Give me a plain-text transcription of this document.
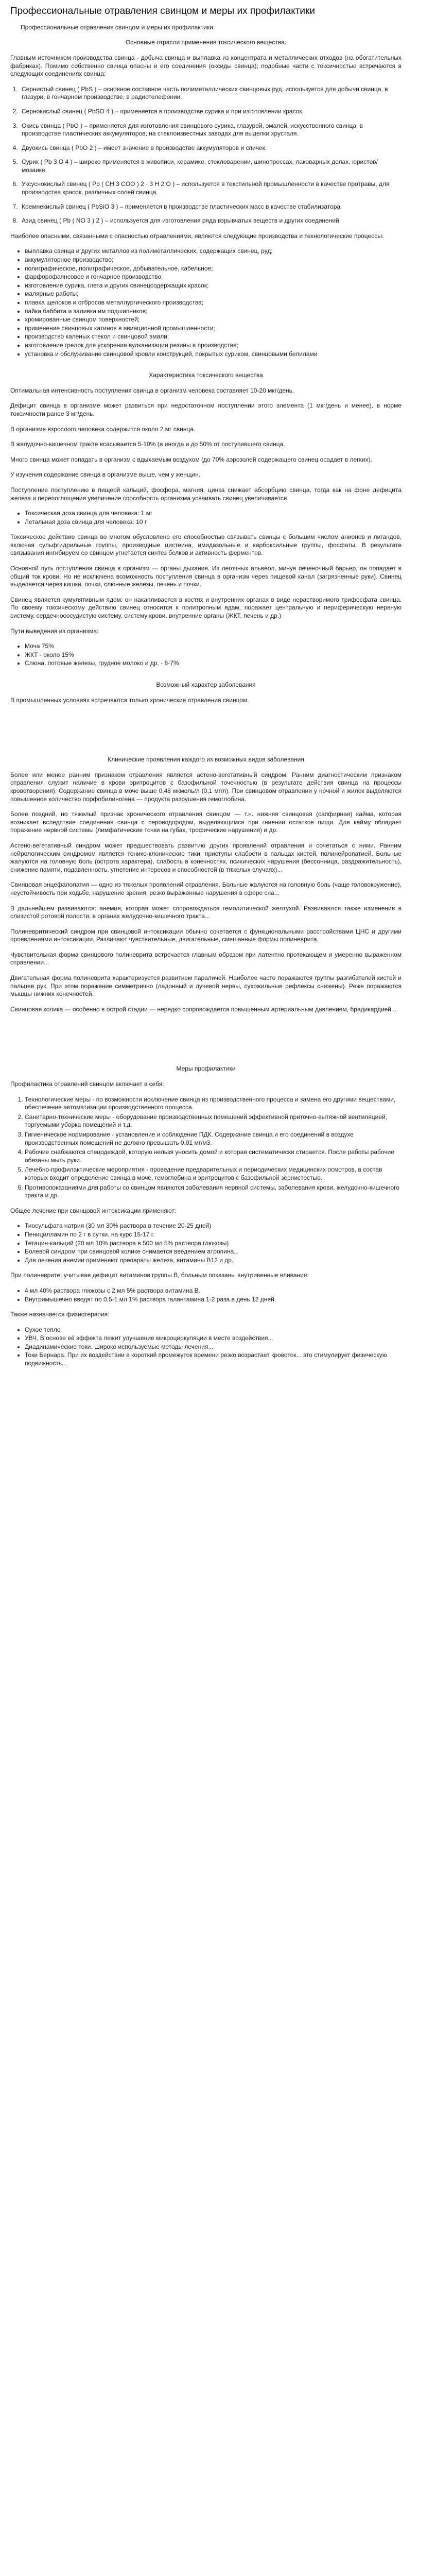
Профессиональные отравления свинцом и меры их профилактики

Профессиональные отравления свинцом и меры их профилактики.

Основные отрасли применения токсического вещества.

Главным источником производства свинца - добыча свинца и выплавка из концентрата и металлических отходов (на обогатительных фабриках). Помимо собственно свинца опасны и его соединения (оксиды свинца); подобные части с токсичностью встречаются в следующих соединениях свинца:

1. Сернистый свинец ( PbS ) – основное составное часть полиметаллических свинцовых руд, используется для добычи свинца, в глазури, в гончарном производстве, в радиотелефонии.
2. Сернокислый свинец ( PbSO 4 ) – применяется в производстве сурика и при изготовлении красок.
3. Окись свинца ( PbO ) – применяется для изготовления свинцового сурика, глазурей, эмалей, искусственного свинца, в производстве пластических аккумуляторов, на стеклоизвестных заводах для выделки хрусталя.
4. Двуокись свинца ( PbO 2 ) – имеет значение в производстве аккумуляторов и спичек.
5. Сурик ( Pb 3 O 4 ) – широко применяется в живописи, керамике, стекловарении, шинопрессах, лаковарных делах, юристов/мозаике.
6. Уксуснокислый свинец ( Pb ( CH 3 COO ) 2 · 3 H 2 O ) – используется в текстильной промышленности в качестве протравы, для производства красок, различных солей свинца.
7. Кремнекислый свинец ( PbSiO 3 ) – применяется в производстве пластических масс в качестве стабилизатора.
8. Азид свинец ( Pb ( NO 3 ) 2 ) – используется для изготовления ряда взрывчатых веществ и других соединений.

Наиболее опасными, связанными с опасностью отравлениями, являются следующие производства и технологические процессы:

• выплавка свинца и других металлов из полиметаллических, содержащих свинец, руд;
• аккумуляторное производство;
• полиграфическое, полиграфическое, добывательное, кабельное;
• фарфорофаянсовое и гончарное производство;
• изготовление сурика, глета и других свинецсодержащих красок;
• малярные работы;
• плавка щелоков и отбросов металлургического производства;
• пайка баббита и заливка им подшипников;
• хромированные свинцом поверхностей;
• применение свинцовых катинов в авиационной промышленности;
• производство каленых стекол и свинцовой эмали;
• изготовление грелок для ускорения вулканизации резины в производстве;
• установка и обслуживание свинцовой кровли конструкций, покрытых суриком, свинцовыми белилами

Характеристика токсического вещества

Оптимальная интенсивность поступления свинца в организм человека составляет 10-20 мкг/день.

Дефицит свинца в организме может развиться при недостаточном поступлении этого элемента (1 мкг/день и менее), в норме токсичности ранее 3 мг/день.

В организме взрослого человека содержится около 2 мг свинца.

В желудочно-кишечном тракте всасывается 5-10% (а иногда и до 50% от поступившего свинца.

Много свинца может попадать в организм с вдыхаемым воздухом (до 70% аэрозолей содержащего свинец осадает в легких).

У изучения содержание свинца в организме выше, чем у женщин.

Поступление поступлению в пищеой кальций, фосфора, магния, цинка снижает абсорбцию свинца, тогда как на фоне дефицита железа и перепоглощения увеличение способность организма усваивать свинец увеличивается.

• Токсическая доза свинца для человека: 1 мг
• Летальная доза свинца для человека: 10 г

Токсическое действие свинца во многом обусловлено его способностью связывать свинцы с большим числом анионов и лигандов, включая сульфгидрильные группы, производные цистеина, имидазольные и карбоксильные группы, фосфаты. В результате связывания ингибируем со свинцом угнетается синтез белков и активность ферментов.

Основной путь поступления свинца в организм — органы дыхания. Из легочных альвеол, минуя печеночный барьер, он попадает в общий ток крови. Но не исключена возможность поступления свинца в организм через пищевой канал (загрязненные руки). Свинец выделяется через кишки, почки, слюнные железы, печень и почки.

Свинец является кумулятивным ядом: он накапливается в костях и внутренних органах в виде нерастворимого трифосфата свинца. По своему токсическому действию свинец относится к политропным ядам, поражает центральную и периферическую нервную систему, сердечнососудистую систему, систему крови, внутренние органы (ЖКТ, печень и др.)

Пути выведения из организма:

• Моча 75%
• ЖКТ - около 15%
• Слюна, потовые железы, грудное молоко и др. - 8-7%

Возможный характер заболевания

В промышленных условиях встречаются только хронические отравления свинцом.

Клинические проявления каждого из возможных видов заболевания

Более или менее ранним признаком отравления является астено-вегетативный синдром. Ранним диагностическим признаком отравления служит наличие в крови эритроцитов с базофильной точечностью (в результате действия свинца на процессы кроветворения). Содержание свинца в моче выше 0,48 мкмоль/л (0,1 мг/л). При свинцовом отравлении у ночной и жилок выделяются повышенное количество порфобилиногена — продукта разрушения гемоглобина.

Более поздний, но тяжелый признак хронического отравления свинцом — т.н. нижняя свинцовая (сапфирная) кайма, которая возникает вследствие соединения свинца с сероводородом, выделяющимся при гниении остатков пищи. Для кайму обладает поражение нервной системы (лимфатические точки на губах, трофические нарушения) и др.

Астено-вегетативный синдром может предшествовать развитию других проявлений отравления и сочетаться с ними. Ранним нейрологическим синдромом является тонико-клонические тики, приступы слабости в пальцах кистей, полинейропатией. Больные жалуются на головную боль (острота характера), слабость в конечностях, психических нарушения (бессонница, раздражительность), снижение памяти, подавленность, угнетение интересов и способностей (в тяжелых случаях)...

Свинцовая энцефалопатия — одно из тяжелых проявлений отравления. Больные жалуются на головную боль (чаще головокружение), неустойчивость при ходьбе, нарушение зрения, резко выраженные нарушения в сфере сна...

В дальнейшем развиваются: анемия, которая может сопровождаться гемолитической желтухой. Развиваются также изменения в слизистой ротовой полости, в органах желудочно-кишечного тракта...

Полиневритический синдром при свинцовой интоксикации обычно сочетается с функциональными расстройствами ЦНС и другими проявлениями интоксикации. Различают чувствительные, двигательные, смешанные формы полиневрита.

Чувствительная форма свинцового полиневрита встречается главным образом при латентно протекающем и умеренно выраженном отравлении...

Двигательная форма полиневрита характеризуется развитием параличей. Наиболее часто поражаются группы разгибателей кистей и пальцев рук. При этом поражение симметрично (ладонный и лучевой нервы, сухожильные рефлексы снижены). Реже поражаются мышцы нижних конечностей.

Свинцовая колика — особенно в острой стадии — нередко сопровождается повышенным артериальным давлением, брадикардией...

Меры профилактики

Профилактика отравлений свинцом включает в себя:

1. Технологические меры - по возможности исключение свинца из производственного процесса и замена его другими веществами, обеспечение автоматизации производственного процесса.
2. Санитарно-технические меры - оборудование производственных помещений эффективной приточно-вытяжной вентиляцией, торгуемыми уборка помещений и т.д.
3. Гигиеническое нормирование - установление и соблюдение ПДК. Содержание свинца и его соединений в воздухе производственных помещений не должно превышать 0,01 мг/м3.
4. Рабочие снабжаются спецодеждой, которую нельзя уносить домой и которая систематически стирается. После работы рабочие обязаны мыть руки.
5. Лечебно-профилактические мероприятия - проведение предварительных и периодических медицинских осмотров, в состав которых входит определение свинца в моче, гемоглобина и эритроцитов с базофильной зернистостью.
6. Противопоказаниями для работы со свинцом являются заболевания нервной системы, заболевания крови, желудочно-кишечного тракта и др.

Общее лечение при свинцовой интоксикации применяют:

• Тиосульфата натрия (30 мл 30% раствора в течение 20-25 дней)
• Пеницилламин по 2 г в сутки, на курс 15-17 г.
• Тетацин-кальций (20 мл 10% раствора в 500 мл 5% раствора глюкозы)
• Болевой синдром при свинцовой колике снимается введением атропина...
• Для лечения анемии применяют препараты железа, витамины B12 и др.

При полиневрите, учитывая дефицит витаминов группы B, больным показаны внутривенные вливания:

• 4 мл 40% раствора глюкозы с 2 мл 5% раствора витамина B.
• Внутримышечно вводят по 0,5-1 мл 1% раствора галантамина 1-2 раза в день 12 дней.

Также назначается физиотерапия:

• Сухое тепло
• УВЧ, В основе её эффекта лежит улучшение микроциркуляции в месте воздействия...
• Диадинамические токи. Широко используемые методы лечения...
• Токи Бернара. При их воздействии в короткий промежуток времени резко возрастает кровоток... это стимулирует физическую подвижность...
